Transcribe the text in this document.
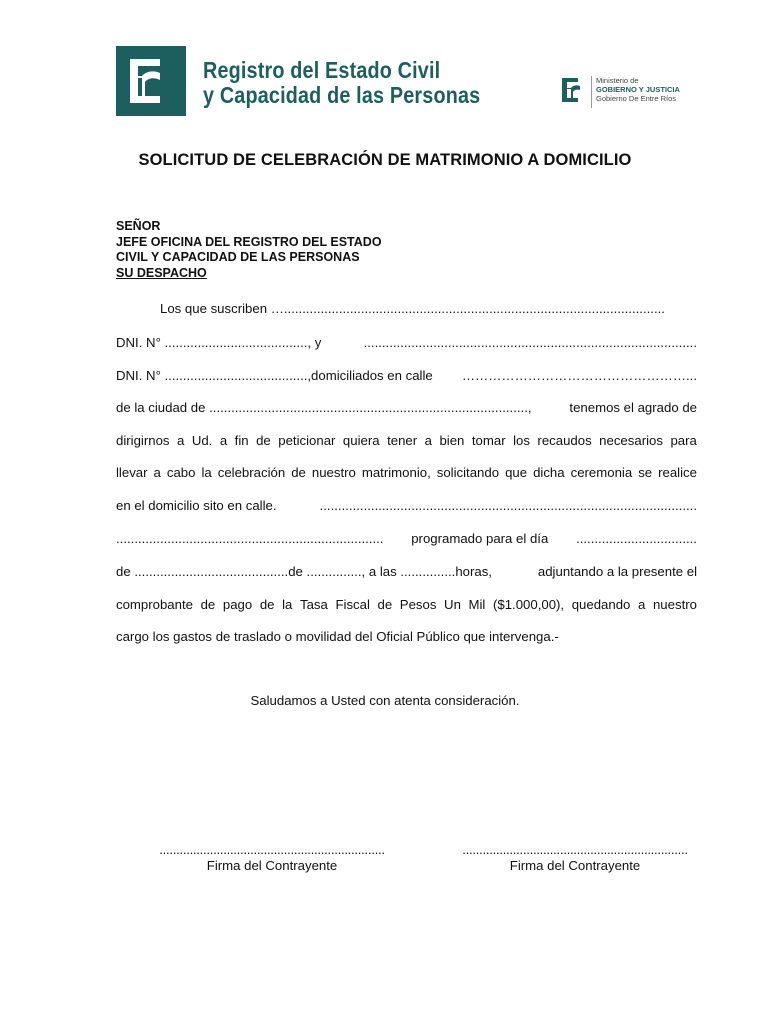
Registro del Estado Civil
y Capacidad de las Personas
Ministerio de
GOBIERNO Y JUSTICIA
Gobierno De Entre Ríos
SOLICITUD DE CELEBRACIÓN DE MATRIMONIO A DOMICILIO
SEÑOR
JEFE OFICINA DEL REGISTRO DEL ESTADO
CIVIL Y CAPACIDAD DE LAS PERSONAS
SU DESPACHO
Los que suscriben …........................................................................................................
DNI. N° ......................................., y	...........................................................................................
DNI. N° .......................................,domiciliados en calle ……………………………………………...
de la ciudad de .......................................................................................,	tenemos el agrado de
dirigirnos a Ud. a fin de peticionar quiera tener a bien tomar los recaudos necesarios para
llevar a cabo la celebración de nuestro matrimonio, solicitando que dicha ceremonia se realice
en el domicilio sito en calle.	.......................................................................................................
......................................................................... programado para el día .................................
de ..........................................de ..............., a las ...............horas,	adjuntando a la presente el
comprobante de pago de la Tasa Fiscal de Pesos Un Mil ($1.000,00), quedando a nuestro
cargo los gastos de traslado o movilidad del Oficial Público que intervenga.-
Saludamos a Usted con atenta consideración.
...................................................................
Firma del Contrayente
...................................................................
Firma del Contrayente
